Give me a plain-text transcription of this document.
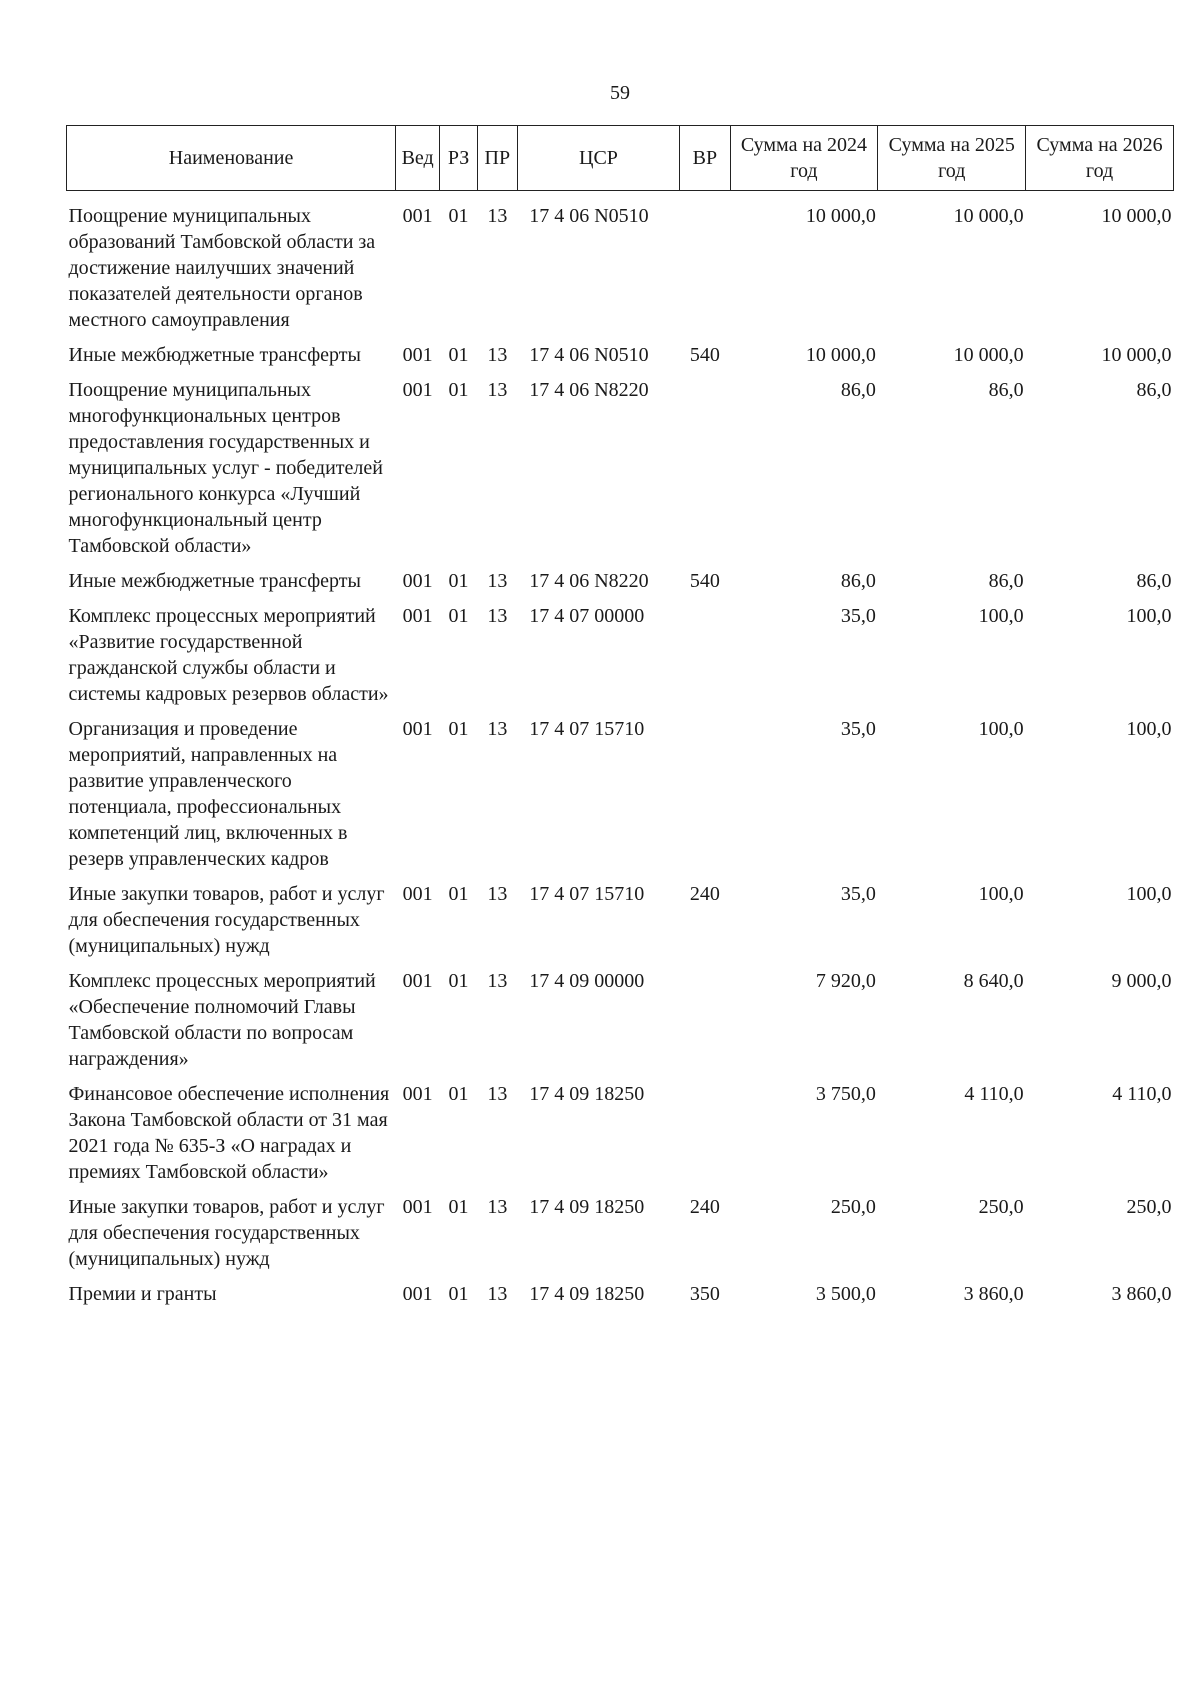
59
Наименование	Вед	РЗ	ПР	ЦСР	ВР	Сумма на 2024 год	Сумма на 2025 год	Сумма на 2026 год
Поощрение муниципальных образований Тамбовской области за достижение наилучших значений показателей деятельности органов местного самоуправления	001	01	13	17 4 06 N0510		10 000,0	10 000,0	10 000,0
Иные межбюджетные трансферты	001	01	13	17 4 06 N0510	540	10 000,0	10 000,0	10 000,0
Поощрение муниципальных многофункциональных центров предоставления государственных и муниципальных услуг - победителей регионального конкурса «Лучший многофункциональный центр Тамбовской области»	001	01	13	17 4 06 N8220		86,0	86,0	86,0
Иные межбюджетные трансферты	001	01	13	17 4 06 N8220	540	86,0	86,0	86,0
Комплекс процессных мероприятий «Развитие государственной гражданской службы области и системы кадровых резервов области»	001	01	13	17 4 07 00000		35,0	100,0	100,0
Организация и проведение мероприятий, направленных на развитие управленческого потенциала, профессиональных компетенций лиц, включенных в резерв управленческих кадров	001	01	13	17 4 07 15710		35,0	100,0	100,0
Иные закупки товаров, работ и услуг для обеспечения государственных (муниципальных) нужд	001	01	13	17 4 07 15710	240	35,0	100,0	100,0
Комплекс процессных мероприятий «Обеспечение полномочий Главы Тамбовской области по вопросам награждения»	001	01	13	17 4 09 00000		7 920,0	8 640,0	9 000,0
Финансовое обеспечение исполнения Закона Тамбовской области от 31 мая 2021 года № 635-З «О наградах и премиях Тамбовской области»	001	01	13	17 4 09 18250		3 750,0	4 110,0	4 110,0
Иные закупки товаров, работ и услуг для обеспечения государственных (муниципальных) нужд	001	01	13	17 4 09 18250	240	250,0	250,0	250,0
Премии и гранты	001	01	13	17 4 09 18250	350	3 500,0	3 860,0	3 860,0
